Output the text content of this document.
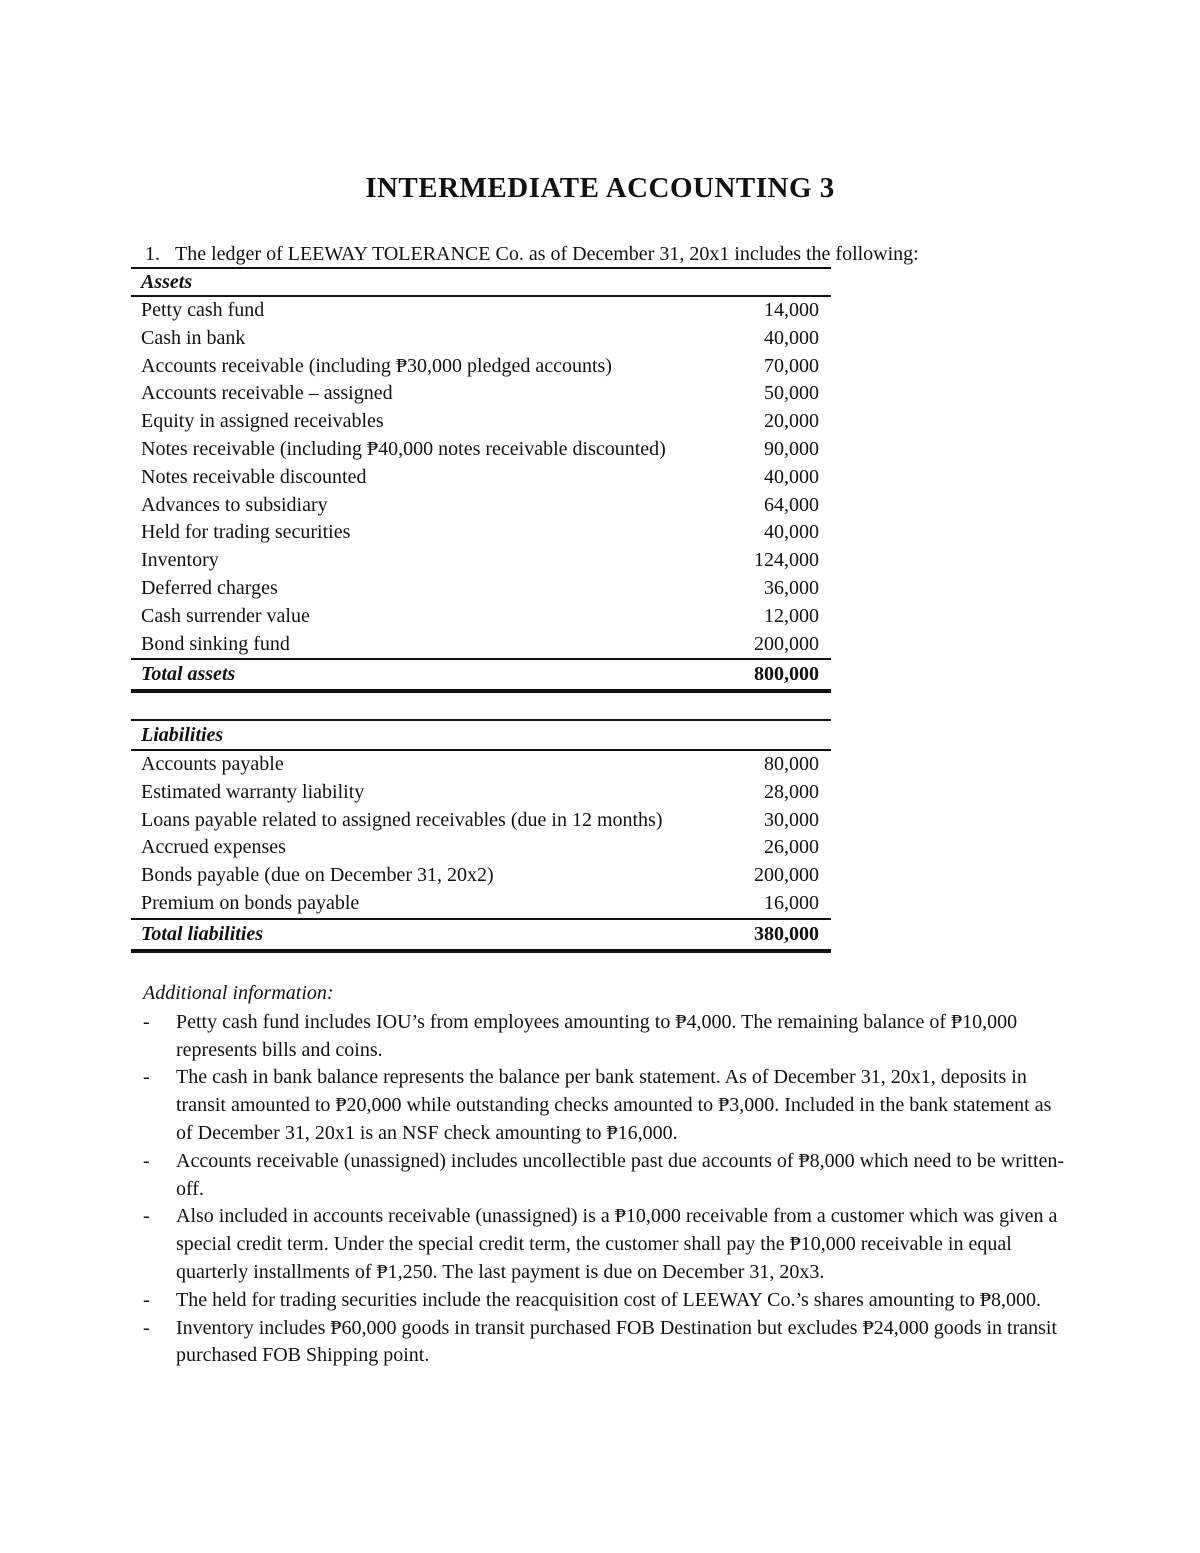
INTERMEDIATE ACCOUNTING 3
1. The ledger of LEEWAY TOLERANCE Co. as of December 31, 20x1 includes the following:
Assets	
Petty cash fund	14,000
Cash in bank	40,000
Accounts receivable (including ₱30,000 pledged accounts)	70,000
Accounts receivable – assigned	50,000
Equity in assigned receivables	20,000
Notes receivable (including ₱40,000 notes receivable discounted)	90,000
Notes receivable discounted	40,000
Advances to subsidiary	64,000
Held for trading securities	40,000
Inventory	124,000
Deferred charges	36,000
Cash surrender value	12,000
Bond sinking fund	200,000
Total assets	800,000
Liabilities	
Accounts payable	80,000
Estimated warranty liability	28,000
Loans payable related to assigned receivables (due in 12 months)	30,000
Accrued expenses	26,000
Bonds payable (due on December 31, 20x2)	200,000
Premium on bonds payable	16,000
Total liabilities	380,000
Additional information:
- Petty cash fund includes IOU’s from employees amounting to ₱4,000. The remaining balance of ₱10,000 represents bills and coins.
- The cash in bank balance represents the balance per bank statement. As of December 31, 20x1, deposits in transit amounted to ₱20,000 while outstanding checks amounted to ₱3,000. Included in the bank statement as of December 31, 20x1 is an NSF check amounting to ₱16,000.
- Accounts receivable (unassigned) includes uncollectible past due accounts of ₱8,000 which need to be written-off.
- Also included in accounts receivable (unassigned) is a ₱10,000 receivable from a customer which was given a special credit term. Under the special credit term, the customer shall pay the ₱10,000 receivable in equal quarterly installments of ₱1,250. The last payment is due on December 31, 20x3.
- The held for trading securities include the reacquisition cost of LEEWAY Co.’s shares amounting to ₱8,000.
- Inventory includes ₱60,000 goods in transit purchased FOB Destination but excludes ₱24,000 goods in transit purchased FOB Shipping point.
